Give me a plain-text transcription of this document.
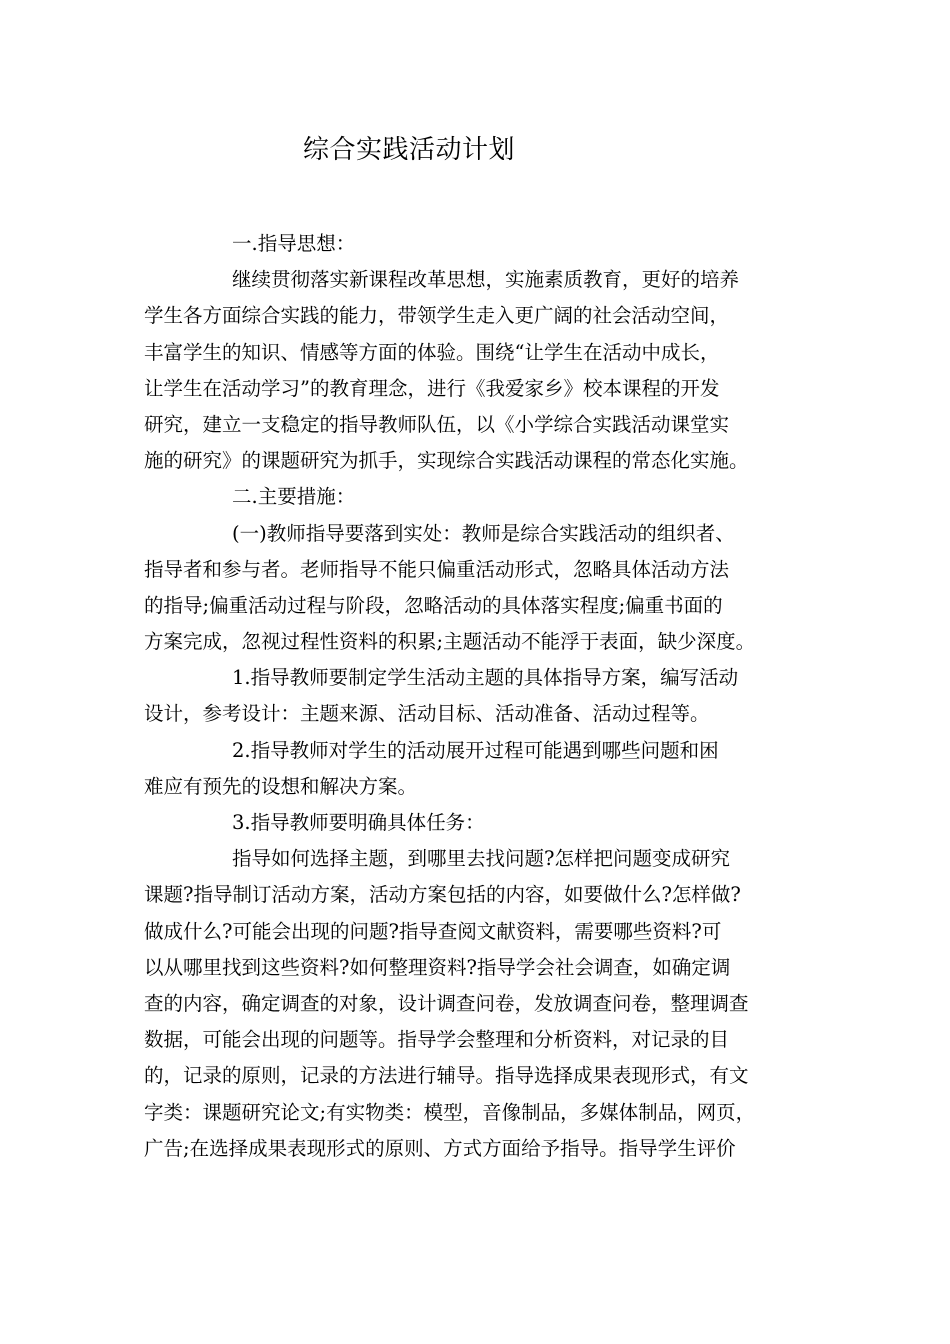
综合实践活动计划
一.指导思想：
继续贯彻落实新课程改革思想，实施素质教育，更好的培养
学生各方面综合实践的能力，带领学生走入更广阔的社会活动空间，
丰富学生的知识、情感等方面的体验。围绕“让学生在活动中成长，
让学生在活动学习”的教育理念，进行《我爱家乡》校本课程的开发
研究，建立一支稳定的指导教师队伍，以《小学综合实践活动课堂实
施的研究》的课题研究为抓手，实现综合实践活动课程的常态化实施。
二.主要措施：
(一)教师指导要落到实处：教师是综合实践活动的组织者、
指导者和参与者。老师指导不能只偏重活动形式，忽略具体活动方法
的指导;偏重活动过程与阶段，忽略活动的具体落实程度;偏重书面的
方案完成，忽视过程性资料的积累;主题活动不能浮于表面，缺少深度。
1.指导教师要制定学生活动主题的具体指导方案，编写活动
设计，参考设计：主题来源、活动目标、活动准备、活动过程等。
2.指导教师对学生的活动展开过程可能遇到哪些问题和困
难应有预先的设想和解决方案。
3.指导教师要明确具体任务：
指导如何选择主题，到哪里去找问题?怎样把问题变成研究
课题?指导制订活动方案，活动方案包括的内容，如要做什么?怎样做?
做成什么?可能会出现的问题?指导查阅文献资料，需要哪些资料?可
以从哪里找到这些资料?如何整理资料?指导学会社会调查，如确定调
查的内容，确定调查的对象，设计调查问卷，发放调查问卷，整理调查
数据，可能会出现的问题等。指导学会整理和分析资料，对记录的目
的，记录的原则，记录的方法进行辅导。指导选择成果表现形式，有文
字类：课题研究论文;有实物类：模型，音像制品，多媒体制品，网页，
广告;在选择成果表现形式的原则、方式方面给予指导。指导学生评价
